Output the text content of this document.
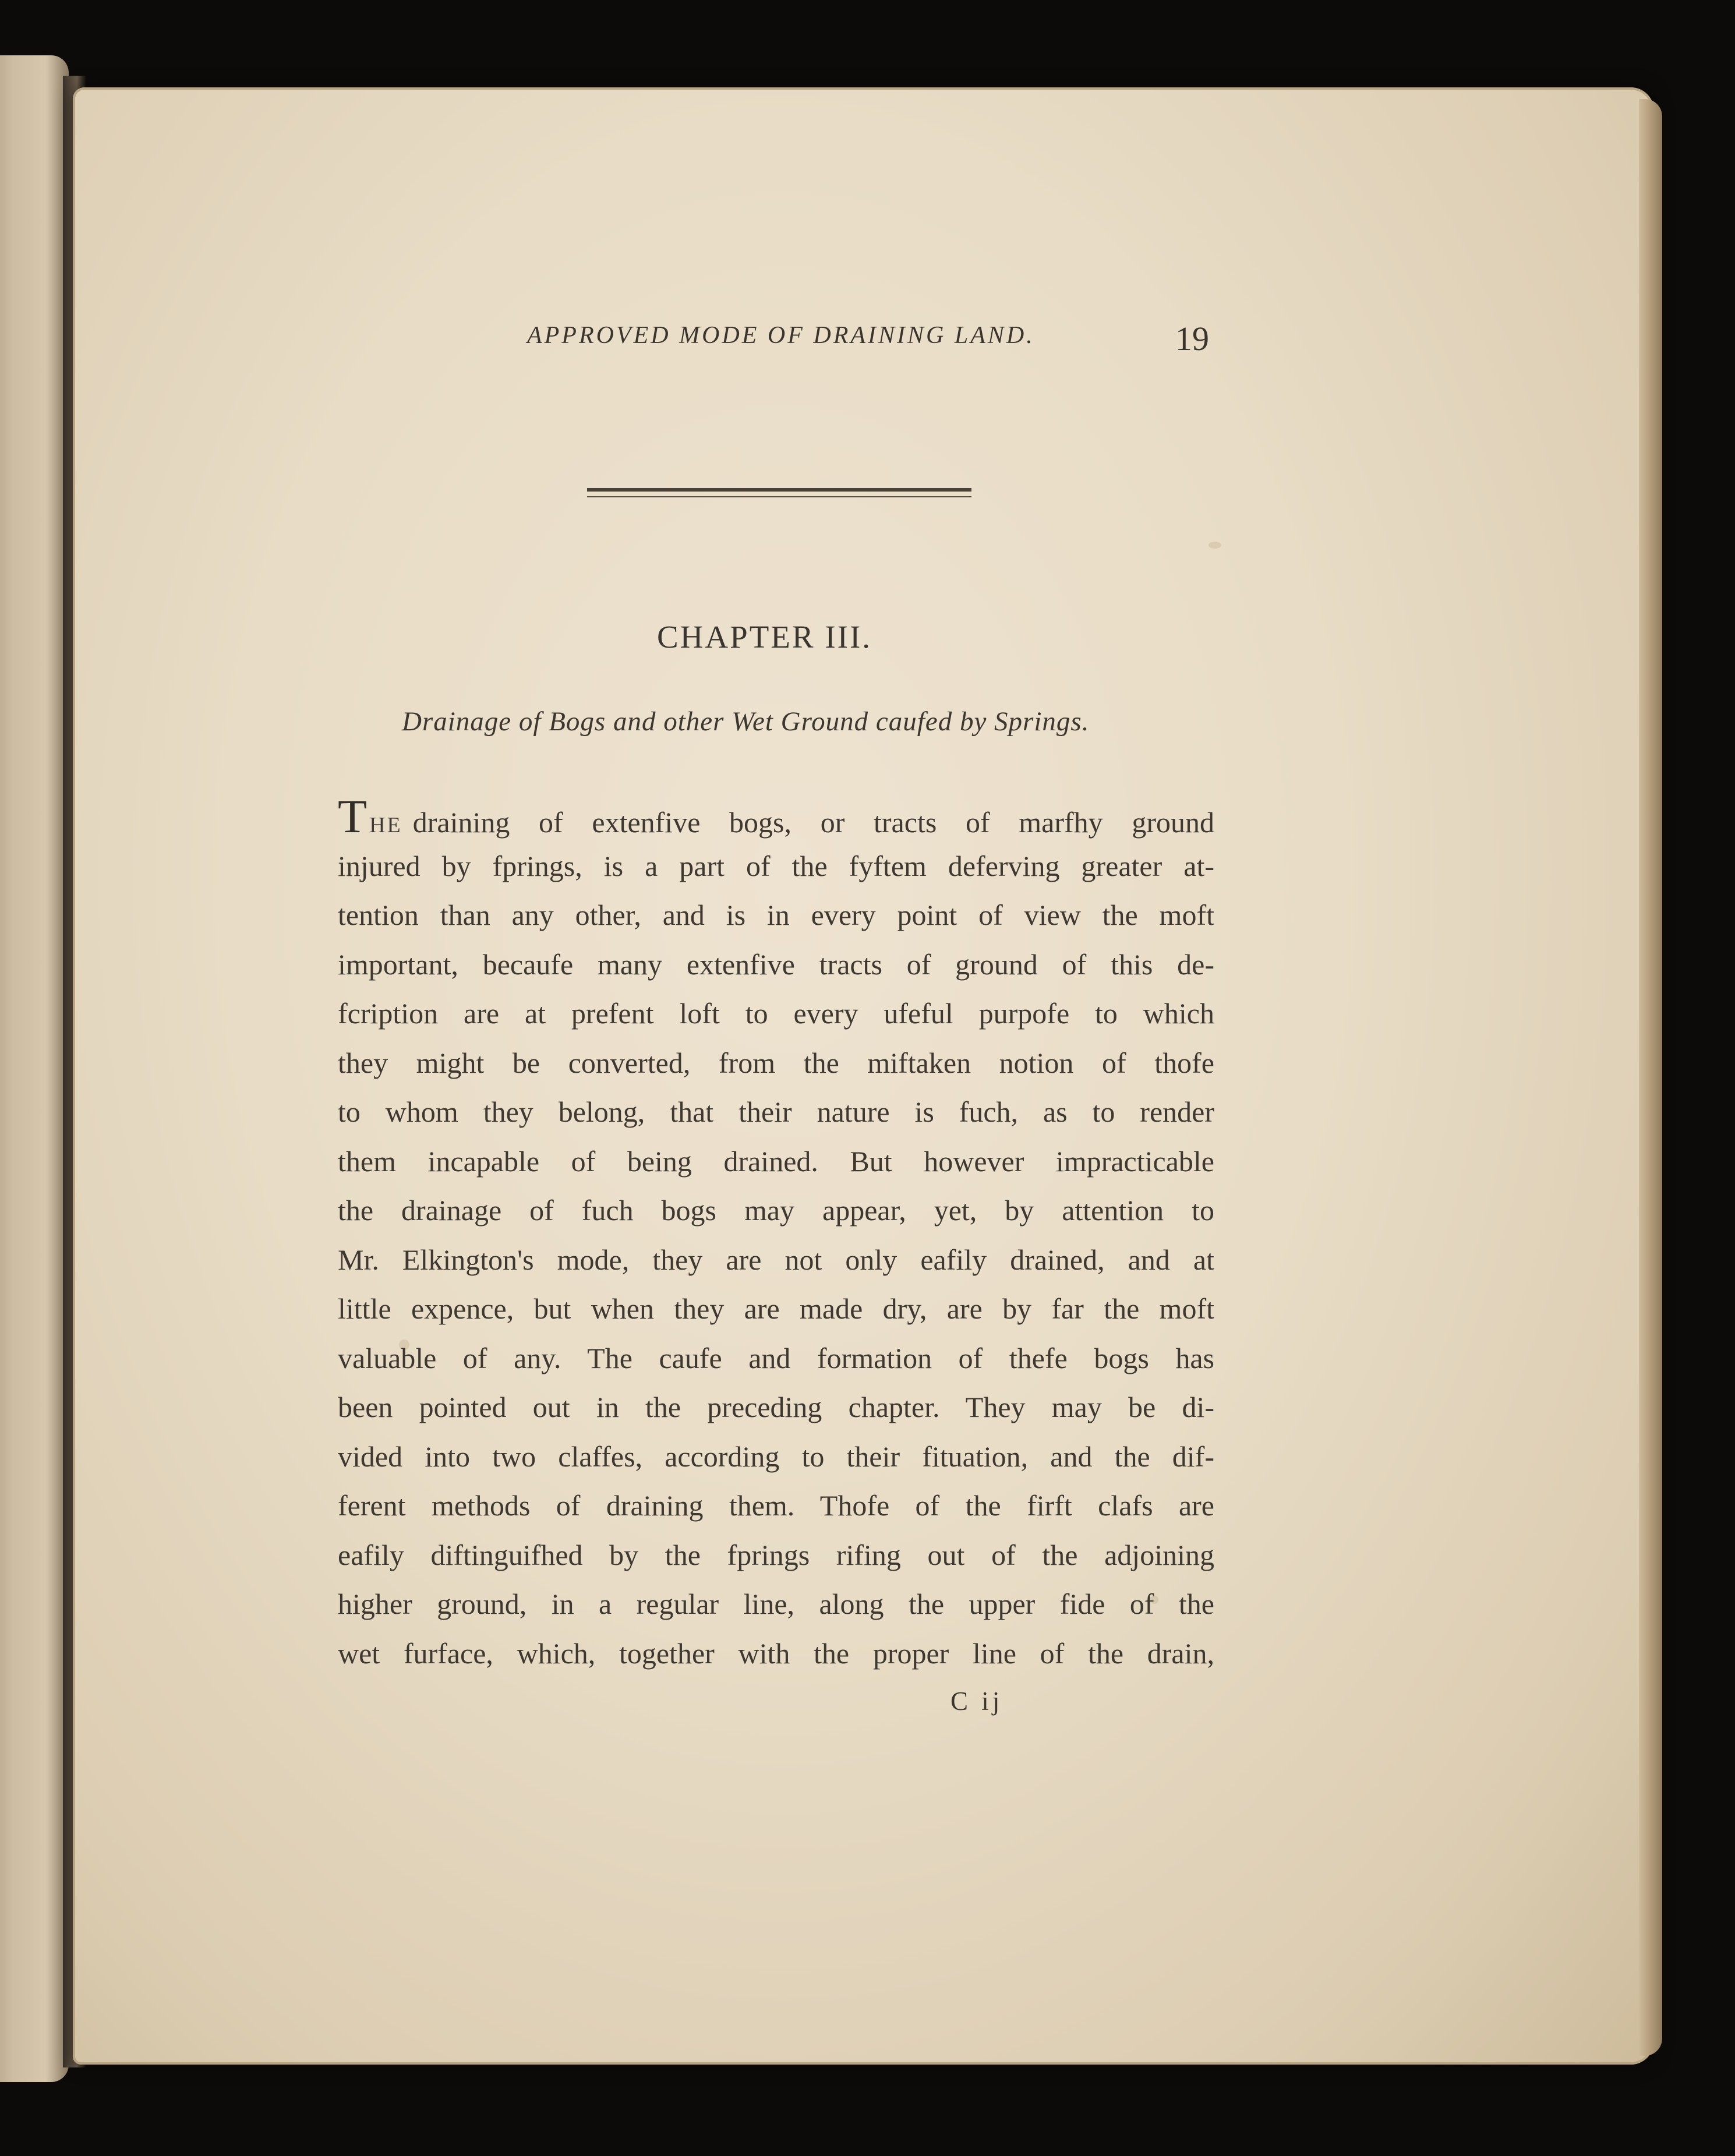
APPROVED MODE OF DRAINING LAND.	19
CHAPTER III.
Drainage of Bogs and other Wet Ground caufed by Springs.
T HE draining of extenfive bogs, or tracts of marfhy ground
injured by fprings, is a part of the fyftem deferving greater at-
tention than any other, and is in every point of view the moft
important, becaufe many extenfive tracts of ground of this de-
fcription are at prefent loft to every ufeful purpofe to which
they might be converted, from the miftaken notion of thofe
to whom they belong, that their nature is fuch, as to render
them incapable of being drained. But however impracticable
the drainage of fuch bogs may appear, yet, by attention to
Mr. Elkington's mode, they are not only eafily drained, and at
little expence, but when they are made dry, are by far the moft
valuable of any. The caufe and formation of thefe bogs has
been pointed out in the preceding chapter. They may be di-
vided into two claffes, according to their fituation, and the dif-
ferent methods of draining them. Thofe of the firft clafs are
eafily diftinguifhed by the fprings rifing out of the adjoining
higher ground, in a regular line, along the upper fide of the
wet furface, which, together with the proper line of the drain,
C ij
